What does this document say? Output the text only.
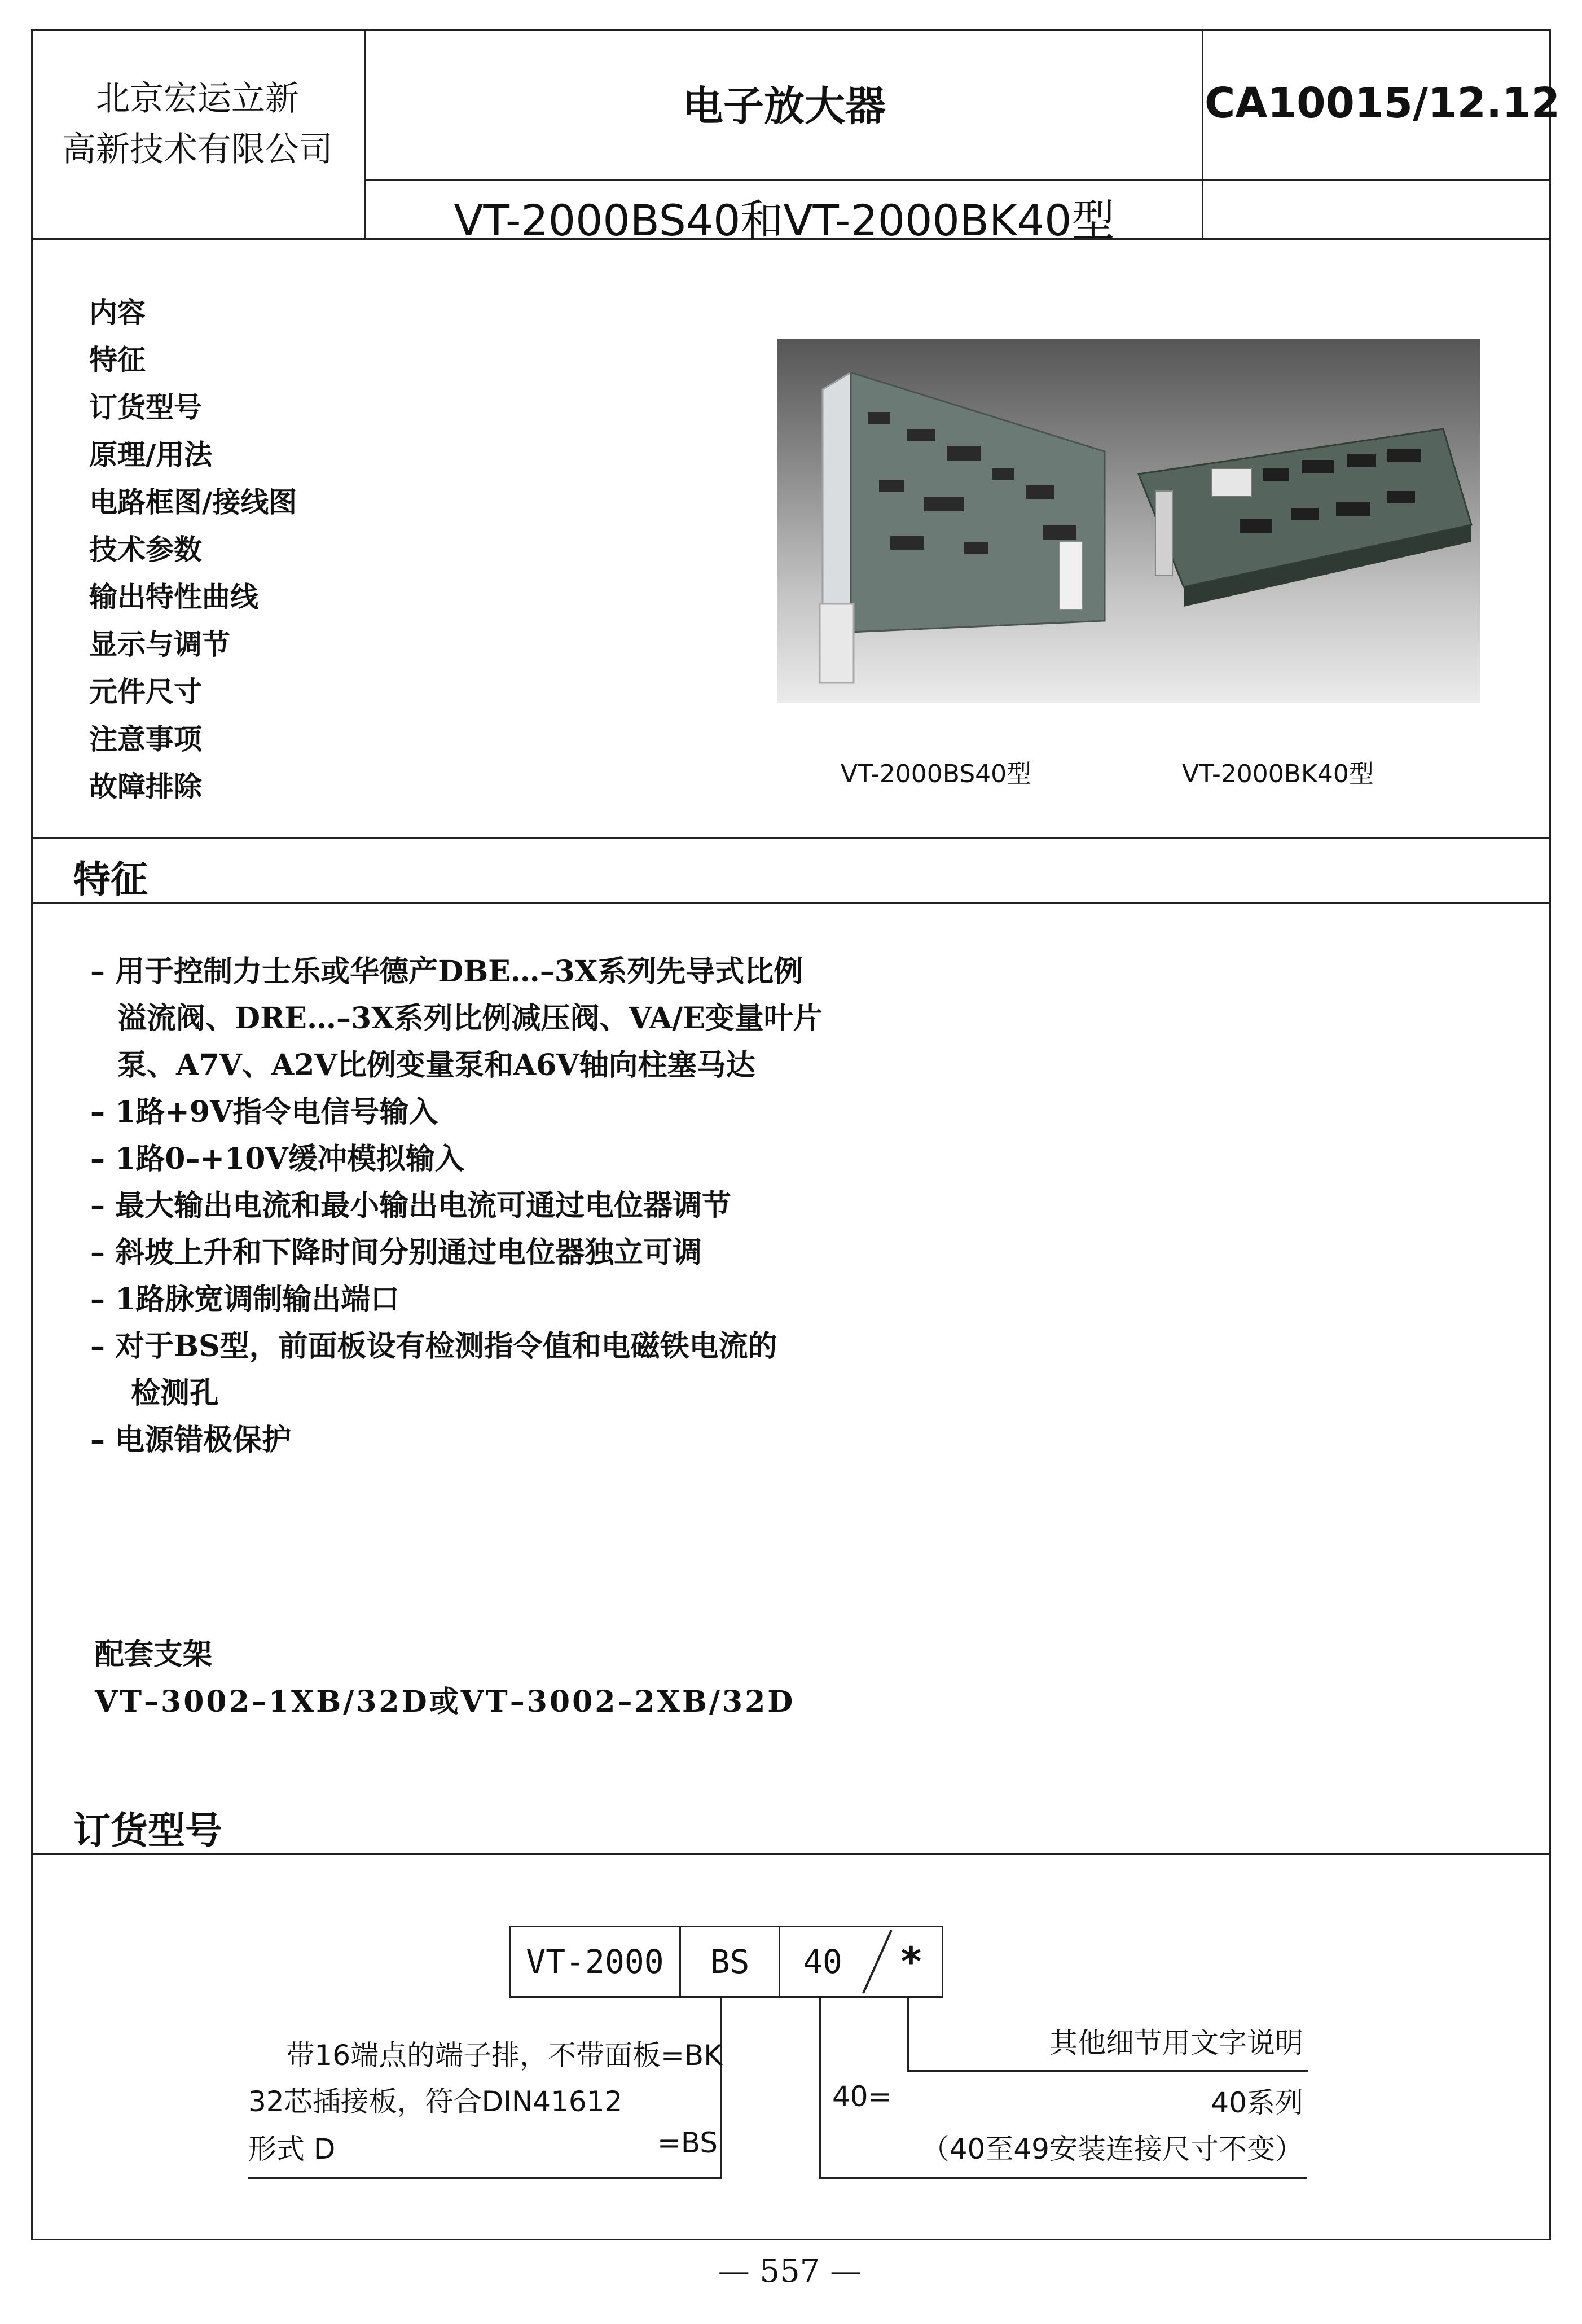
北京宏运立新
高新技术有限公司
电子放大器	CA10015/12.12
VT-2000BS40和VT-2000BK40型
内容
特征
订货型号
原理/用法
电路框图/接线图
技术参数
输出特性曲线
显示与调节
元件尺寸
注意事项
故障排除	VT-2000BS40型	VT-2000BK40型
特征
– 用于控制力士乐或华德产DBE…–3X系列先导式比例
溢流阀、DRE…–3X系列比例减压阀、VA/E变量叶片
泵、A7V、A2V比例变量泵和A6V轴向柱塞马达
– 1路+9V指令电信号输入
– 1路0–+10V缓冲模拟输入
– 最大输出电流和最小输出电流可通过电位器调节
– 斜坡上升和下降时间分别通过电位器独立可调
– 1路脉宽调制输出端口
– 对于BS型，前面板设有检测指令值和电磁铁电流的
检测孔
– 电源错极保护
配套支架
VT–3002–1XB/32D或VT–3002–2XB/32D
订货型号
VT-2000	BS	40	*
带16端点的端子排，不带面板=BK
32芯插接板，符合DIN41612
形式 D	=BS
其他细节用文字说明
40=	40系列
（40至49安装连接尺寸不变）
— 557 —
